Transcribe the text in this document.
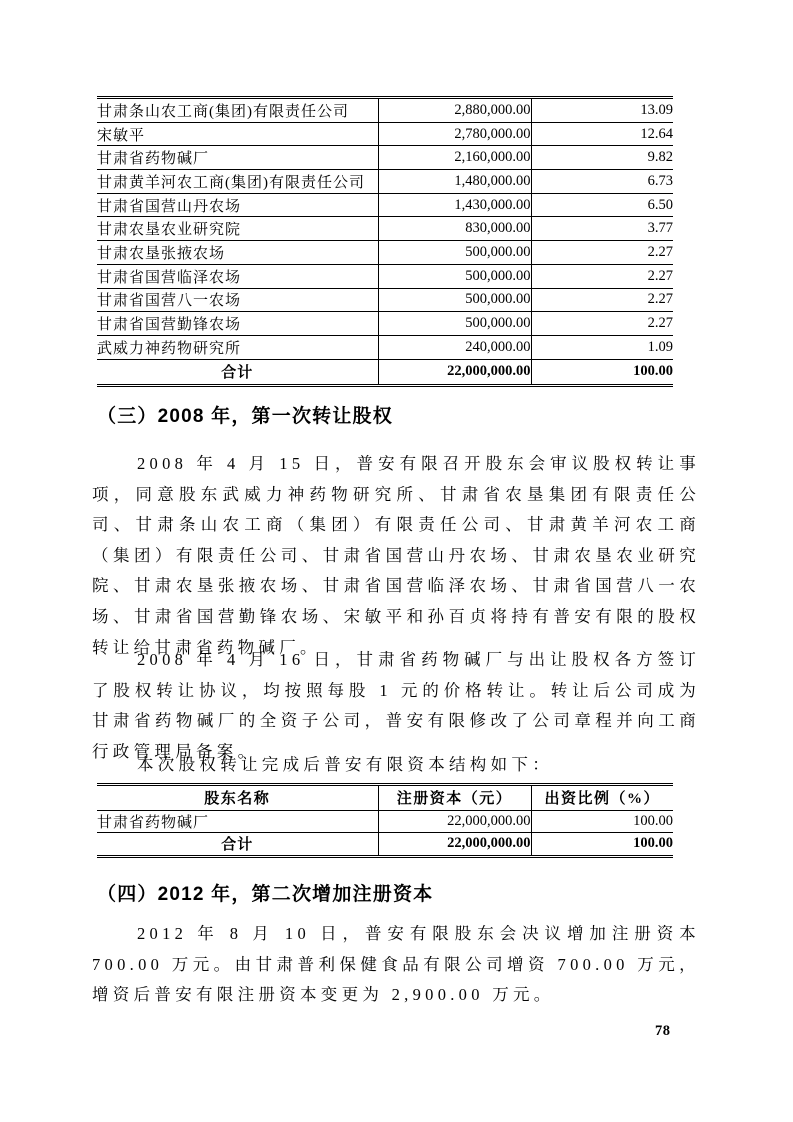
甘肃条山农工商(集团)有限责任公司	2,880,000.00	13.09
宋敏平	2,780,000.00	12.64
甘肃省药物碱厂	2,160,000.00	9.82
甘肃黄羊河农工商(集团)有限责任公司	1,480,000.00	6.73
甘肃省国营山丹农场	1,430,000.00	6.50
甘肃农垦农业研究院	830,000.00	3.77
甘肃农垦张掖农场	500,000.00	2.27
甘肃省国营临泽农场	500,000.00	2.27
甘肃省国营八一农场	500,000.00	2.27
甘肃省国营勤锋农场	500,000.00	2.27
武威力神药物研究所	240,000.00	1.09
合计	22,000,000.00	100.00
（三）2008 年，第一次转让股权

2008 年 4 月 15 日，普安有限召开股东会审议股权转让事项，同意股东武威力神药物研究所、甘肃省农垦集团有限责任公司、甘肃条山农工商（集团）有限责任公司、甘肃黄羊河农工商（集团）有限责任公司、甘肃省国营山丹农场、甘肃农垦农业研究院、甘肃农垦张掖农场、甘肃省国营临泽农场、甘肃省国营八一农场、甘肃省国营勤锋农场、宋敏平和孙百贞将持有普安有限的股权转让给甘肃省药物碱厂。

2008 年 4 月 16 日，甘肃省药物碱厂与出让股权各方签订了股权转让协议，均按照每股 1 元的价格转让。转让后公司成为甘肃省药物碱厂的全资子公司，普安有限修改了公司章程并向工商行政管理局备案。

本次股权转让完成后普安有限资本结构如下：

股东名称	注册资本（元）	出资比例（%）
甘肃省药物碱厂	22,000,000.00	100.00
合计	22,000,000.00	100.00
（四）2012 年，第二次增加注册资本

2012 年 8 月 10 日，普安有限股东会决议增加注册资本 700.00 万元。由甘肃普利保健食品有限公司增资 700.00 万元，增资后普安有限注册资本变更为 2,900.00 万元。

78
